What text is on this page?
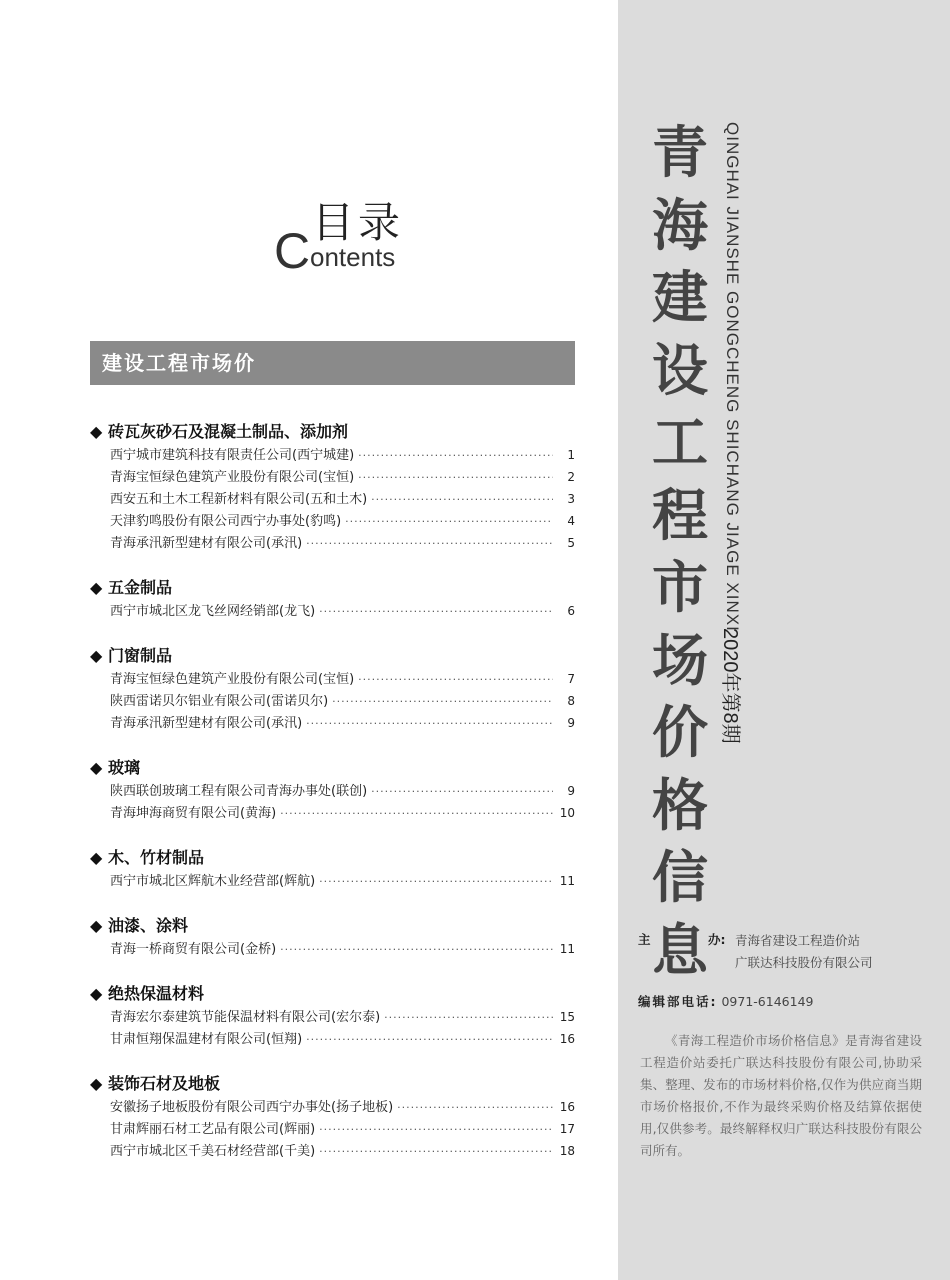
目录
C ontents
建设工程市场价
◆ 砖瓦灰砂石及混凝土制品、添加剂
西宁城市建筑科技有限责任公司(西宁城建) ·····	1
青海宝恒绿色建筑产业股份有限公司(宝恒) ·····	2
西安五和土木工程新材料有限公司(五和土木) ·····	3
天津豹鸣股份有限公司西宁办事处(豹鸣) ·····	4
青海承汛新型建材有限公司(承汛) ·····	5
◆ 五金制品
西宁市城北区龙飞丝网经销部(龙飞) ·····	6
◆ 门窗制品
青海宝恒绿色建筑产业股份有限公司(宝恒) ·····	7
陕西雷诺贝尔铝业有限公司(雷诺贝尔) ·····	8
青海承汛新型建材有限公司(承汛) ·····	9
◆ 玻璃
陕西联创玻璃工程有限公司青海办事处(联创) ·····	9
青海坤海商贸有限公司(黄海) ·····	10
◆ 木、竹材制品
西宁市城北区辉航木业经营部(辉航) ·····	11
◆ 油漆、涂料
青海一桥商贸有限公司(金桥) ·····	11
◆ 绝热保温材料
青海宏尔泰建筑节能保温材料有限公司(宏尔泰) ·····	15
甘肃恒翔保温建材有限公司(恒翔) ·····	16
◆ 装饰石材及地板
安徽扬子地板股份有限公司西宁办事处(扬子地板) ·····	16
甘肃辉丽石材工艺品有限公司(辉丽) ·····	17
西宁市城北区千美石材经营部(千美) ·····	18
青
海
建
设
工
程
市
场
价
格
信
息
QINGHAI JIANSHE GONGCHENG SHICHANG JIAGE XINXI
2020年第8期
主	办: 青海省建设工程造价站
广联达科技股份有限公司
编辑部电话: 0971-6146149
《青海工程造价市场价格信息》是青海省建设工程造价站委托广联达科技股份有限公司,协助采集、整理、发布的市场材料价格,仅作为供应商当期市场价格报价,不作为最终采购价格及结算依据使用,仅供参考。最终解释权归广联达科技股份有限公司所有。
